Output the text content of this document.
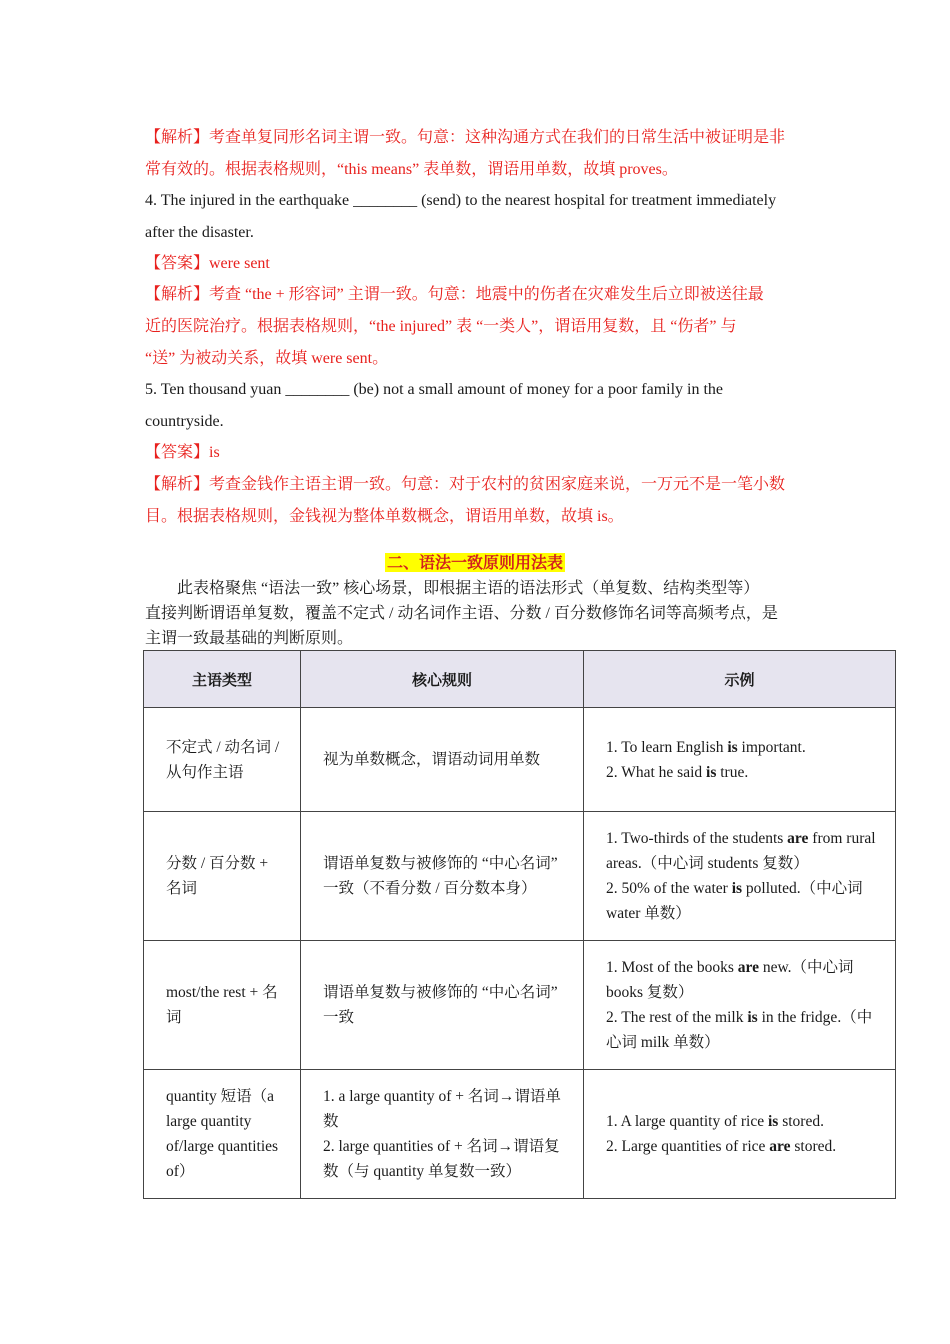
【解析】考查单复同形名词主谓一致。句意：这种沟通方式在我们的日常生活中被证明是非
常有效的。根据表格规则，“this means” 表单数，谓语用单数，故填 proves。
4. The injured in the earthquake ________ (send) to the nearest hospital for treatment immediately
after the disaster.
【答案】were sent
【解析】考查 “the + 形容词” 主谓一致。句意：地震中的伤者在灾难发生后立即被送往最
近的医院治疗。根据表格规则，“the injured” 表 “一类人”，谓语用复数，且 “伤者” 与
“送” 为被动关系，故填 were sent。
5. Ten thousand yuan ________ (be) not a small amount of money for a poor family in the
countryside.
【答案】is
【解析】考查金钱作主语主谓一致。句意：对于农村的贫困家庭来说，一万元不是一笔小数
目。根据表格规则，金钱视为整体单数概念，谓语用单数，故填 is。
二、语法一致原则用法表
此表格聚焦 “语法一致” 核心场景，即根据主语的语法形式（单复数、结构类型等）
直接判断谓语单复数，覆盖不定式 / 动名词作主语、分数 / 百分数修饰名词等高频考点，是
主谓一致最基础的判断原则。
主语类型	核心规则	示例
不定式 / 动名词 / 从句作主语	视为单数概念，谓语动词用单数	1. To learn English is important.
2. What he said is true.

分数 / 百分数 + 名词	谓语单复数与被修饰的 “中心名词” 一致（不看分数 / 百分数本身）	1. Two-thirds of the students are from rural areas.（中心词 students 复数）
2. 50% of the water is polluted.（中心词 water 单数）

most/the rest + 名词	谓语单复数与被修饰的 “中心名词” 一致	1. Most of the books are new.（中心词 books 复数）
2. The rest of the milk is in the fridge.（中心词 milk 单数）

quantity 短语（a large quantity of/large quantities of）	1. a large quantity of + 名词→谓语单数
2. large quantities of + 名词→谓语复数（与 quantity 单复数一致）	1. A large quantity of rice is stored.
2. Large quantities of rice are stored.
